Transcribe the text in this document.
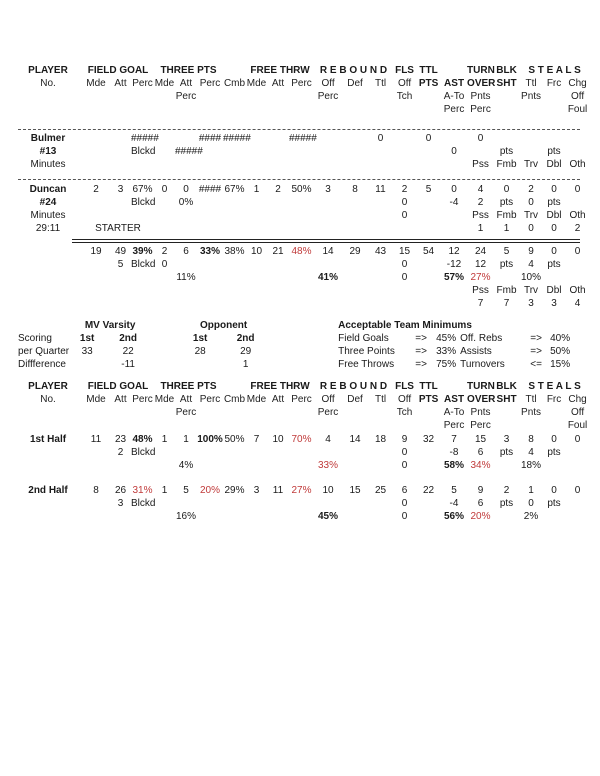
PLAYER	FIELD GOAL			THREE PTS				FREE THRW			R E B O U N D			FLS	TTL		TURN	BLK	S T E A L S		
No.	Mde	Att	Perc	Mde	Att	Perc	Cmb	Mde	Att	Perc	Off	Def	Ttl	Off	PTS	AST	OVER	SHT	Ttl	Frc	Chg
					Perc						Perc			Tch		A-To	Pnts		Pnts		Off
																Perc	Perc				Foul
Bulmer		#####			####	#####		#####		0		0		0				
#13		Blckd		#####									0		pts		pts	
Minutes														Pss	Fmb	Trv	Dbl	Oth
Duncan	2	3	67%	0	0	####	67%	1	2	50%	3	8	11	2	5	0	4	0	2	0	0
#24			Blckd		0%									0		-4	2	pts	0	pts	
Minutes														0			Pss	Fmb	Trv	Dbl	Oth
29:11	STARTER																1	1	0	0	2
	19	49	39%	2	6	33%	38%	10	21	48%	14	29	43	15	54	12	24	5	9	0	0
		5	Blckd	0										0		-12	12	pts	4	pts	
					11%						41%			0		57%	27%		10%		
																	Pss	Fmb	Trv	Dbl	Oth
																	7	7	3	3	4
	MV Varsity			Opponent	
Scoring	1st	2nd		1st	2nd
per Quarter	33	22		28	29
Diffference		-11			1
Acceptable Team Minimums
Field Goals	=>	45%	Off. Rebs	=>	40%
Three Points	=>	33%	Assists	=>	50%
Free Throws	=>	75%	Turnovers	<=	15%
PLAYER	FIELD GOAL			THREE PTS				FREE THRW			R E B O U N D			FLS	TTL		TURN	BLK	S T E A L S		
No.	Mde	Att	Perc	Mde	Att	Perc	Cmb	Mde	Att	Perc	Off	Def	Ttl	Off	PTS	AST	OVER	SHT	Ttl	Frc	Chg
					Perc						Perc			Tch		A-To	Pnts		Pnts		Off
																Perc	Perc				Foul
1st Half	11	23	48%	1	1	100%	50%	7	10	70%	4	14	18	9	32	7	15	3	8	0	0
		2	Blckd											0		-8	6	pts	4	pts	
					4%						33%			0		58%	34%		18%		
2nd Half	8	26	31%	1	5	20%	29%	3	11	27%	10	15	25	6	22	5	9	2	1	0	0
		3	Blckd											0		-4	6	pts	0	pts	
					16%						45%			0		56%	20%		2%		
